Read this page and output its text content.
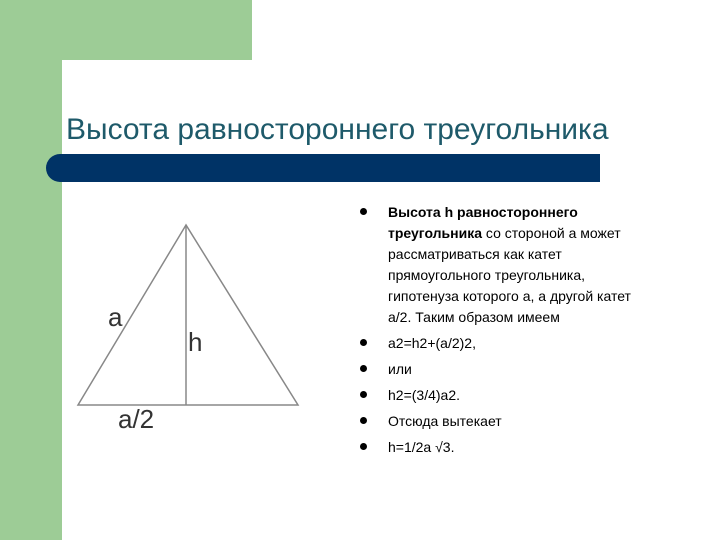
Высота равностороннего треугольника
a
h
a/2
Высота h равностороннего треугольника со стороной a может рассматриваться как катет прямоугольного треугольника, гипотенуза которого a, а другой катет a/2. Таким образом имеем
a2=h2+(a/2)2,
или
h2=(3/4)a2.
Отсюда вытекает
h=1/2a √3.
